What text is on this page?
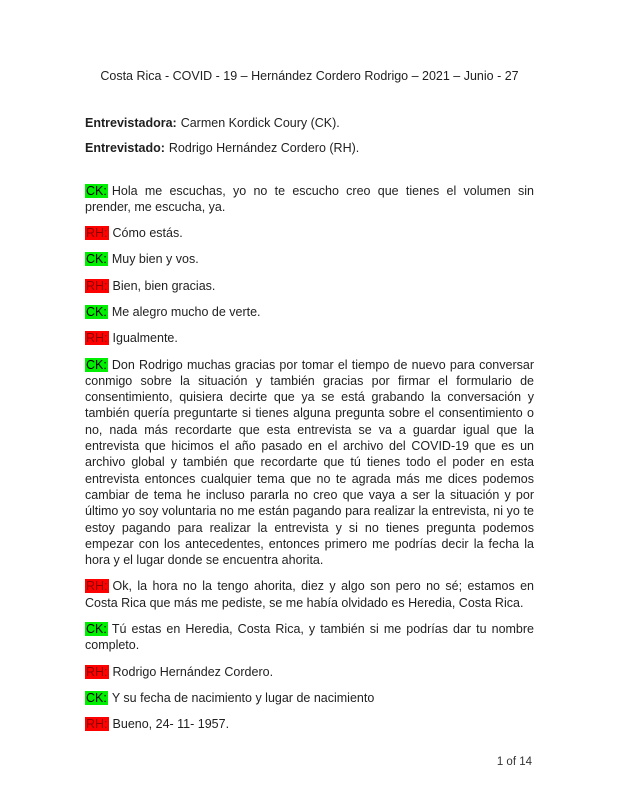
Costa Rica - COVID - 19 – Hernández Cordero Rodrigo – 2021 – Junio - 27

Entrevistadora: Carmen Kordick Coury (CK).

Entrevistado: Rodrigo Hernández Cordero (RH).

CK: Hola me escuchas, yo no te escucho creo que tienes el volumen sin prender, me escucha, ya.

RH: Cómo estás.

CK: Muy bien y vos.

RH: Bien, bien gracias.

CK: Me alegro mucho de verte.

RH: Igualmente.

CK: Don Rodrigo muchas gracias por tomar el tiempo de nuevo para conversar conmigo sobre la situación y también gracias por firmar el formulario de consentimiento, quisiera decirte que ya se está grabando la conversación y también quería preguntarte si tienes alguna pregunta sobre el consentimiento o no, nada más recordarte que esta entrevista se va a guardar igual que la entrevista que hicimos el año pasado en el archivo del COVID-19 que es un archivo global y también que recordarte que tú tienes todo el poder en esta entrevista entonces cualquier tema que no te agrada más me dices podemos cambiar de tema he incluso pararla no creo que vaya a ser la situación y por último yo soy voluntaria no me están pagando para realizar la entrevista, ni yo te estoy pagando para realizar la entrevista y si no tienes pregunta podemos empezar con los antecedentes, entonces primero me podrías decir la fecha la hora y el lugar donde se encuentra ahorita.

RH: Ok, la hora no la tengo ahorita, diez y algo son pero no sé; estamos en Costa Rica que más me pediste, se me había olvidado es Heredia, Costa Rica.

CK: Tú estas en Heredia, Costa Rica, y también si me podrías dar tu nombre completo.

RH: Rodrigo Hernández Cordero.

CK: Y su fecha de nacimiento y lugar de nacimiento

RH: Bueno, 24- 11- 1957.

1 of 14
